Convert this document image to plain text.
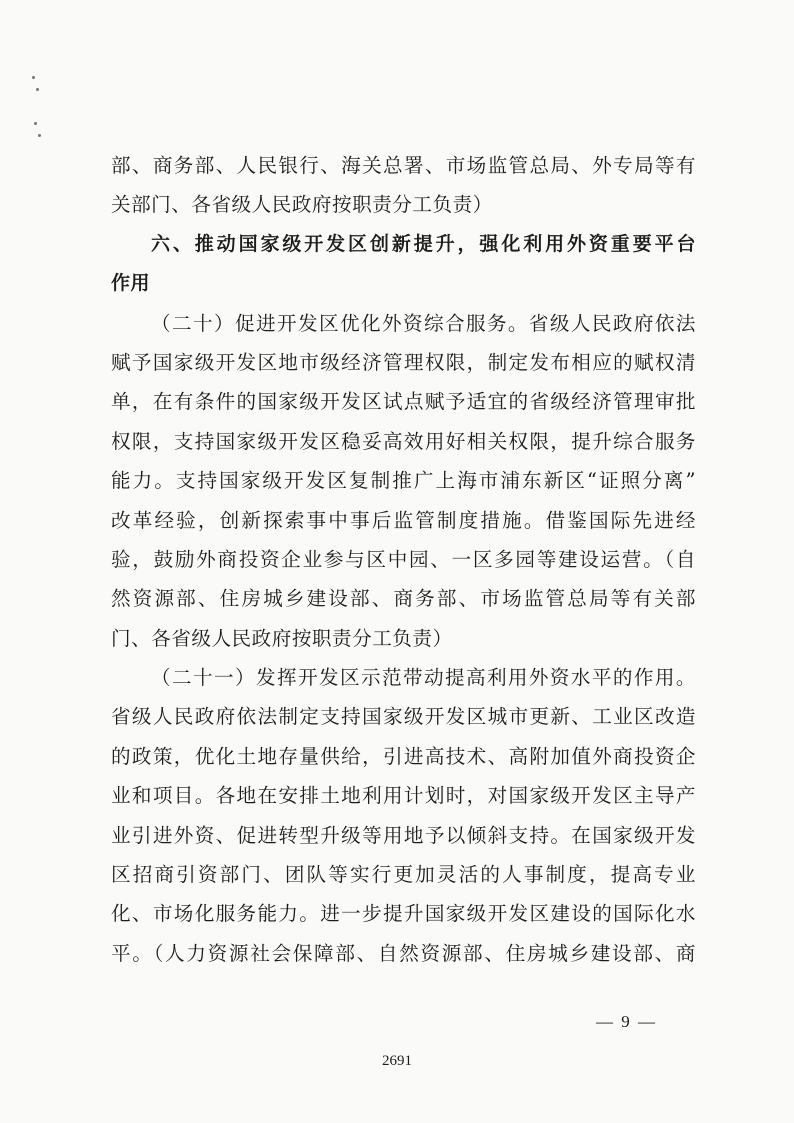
部、商务部、人民银行、海关总署、市场监管总局、外专局等有
关部门、各省级人民政府按职责分工负责）
六、推动国家级开发区创新提升，强化利用外资重要平台
作用
（二十）促进开发区优化外资综合服务。省级人民政府依法
赋予国家级开发区地市级经济管理权限，制定发布相应的赋权清
单，在有条件的国家级开发区试点赋予适宜的省级经济管理审批
权限，支持国家级开发区稳妥高效用好相关权限，提升综合服务
能力。支持国家级开发区复制推广上海市浦东新区“证照分离”
改革经验，创新探索事中事后监管制度措施。借鉴国际先进经
验，鼓励外商投资企业参与区中园、一区多园等建设运营。（自
然资源部、住房城乡建设部、商务部、市场监管总局等有关部
门、各省级人民政府按职责分工负责）
（二十一）发挥开发区示范带动提高利用外资水平的作用。
省级人民政府依法制定支持国家级开发区城市更新、工业区改造
的政策，优化土地存量供给，引进高技术、高附加值外商投资企
业和项目。各地在安排土地利用计划时，对国家级开发区主导产
业引进外资、促进转型升级等用地予以倾斜支持。在国家级开发
区招商引资部门、团队等实行更加灵活的人事制度，提高专业
化、市场化服务能力。进一步提升国家级开发区建设的国际化水
平。（人力资源社会保障部、自然资源部、住房城乡建设部、商
— 9 —
2691
